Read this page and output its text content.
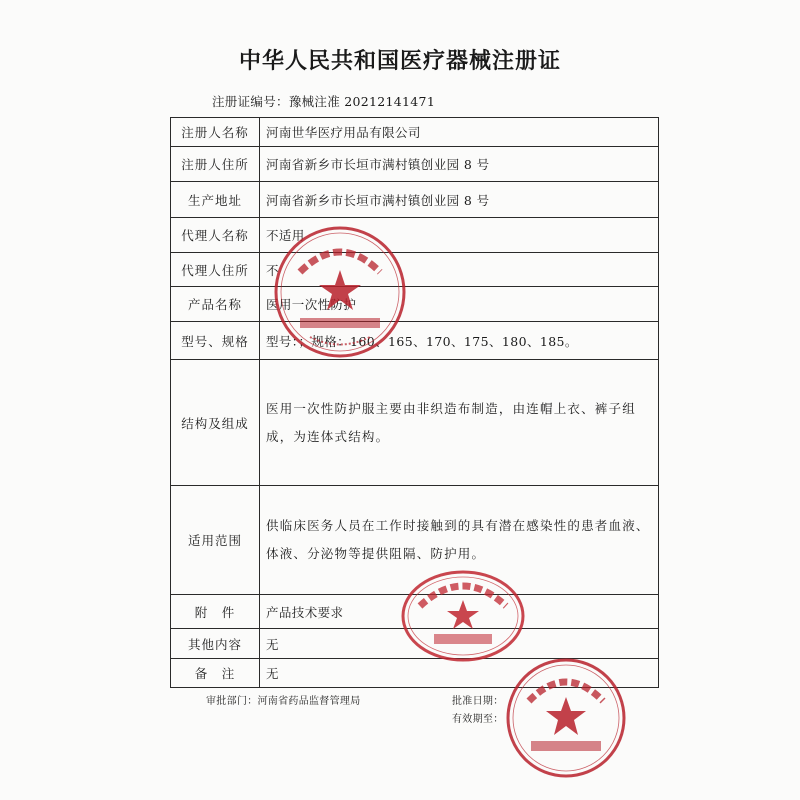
中华人民共和国医疗器械注册证
注册证编号：豫械注准 20212141471
注册人名称	河南世华医疗用品有限公司
注册人住所	河南省新乡市长垣市满村镇创业园 8 号
生产地址	河南省新乡市长垣市满村镇创业园 8 号
代理人名称	不适用
代理人住所	不
产品名称	医用一次性防护
型号、规格	型号：；规格：160、165、170、175、180、185。
结构及组成	医用一次性防护服主要由非织造布制造，由连帽上衣、裤子组成，为连体式结构。
适用范围	供临床医务人员在工作时接触到的具有潜在感染性的患者血液、体液、分泌物等提供阻隔、防护用。
附　件	产品技术要求
其他内容	无
备　注	无
审批部门：河南省药品监督管理局	批准日期：
有效期至：
